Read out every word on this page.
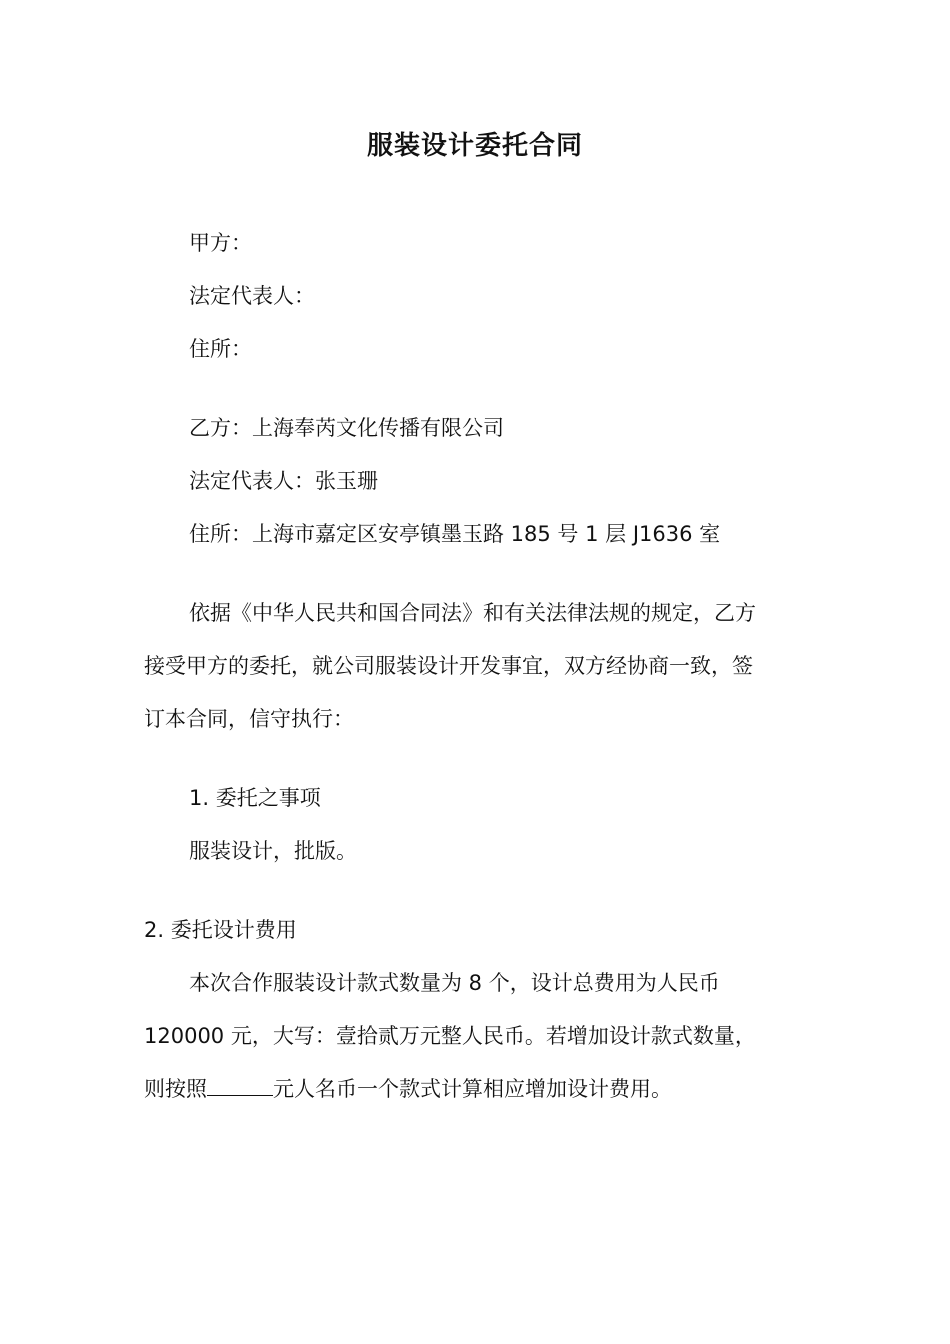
服装设计委托合同
甲方：
法定代表人：
住所：
乙方：上海奉芮文化传播有限公司
法定代表人：张玉珊
住所：上海市嘉定区安亭镇墨玉路 185 号 1 层 J1636 室
依据《中华人民共和国合同法》和有关法律法规的规定，乙方
接受甲方的委托，就公司服装设计开发事宜，双方经协商一致，签
订本合同，信守执行：
1. 委托之事项
服装设计，批版。
2. 委托设计费用
本次合作服装设计款式数量为 8 个，设计总费用为人民币
120000 元，大写：壹拾贰万元整人民币。若增加设计款式数量，
则按照	元人名币一个款式计算相应增加设计费用。
